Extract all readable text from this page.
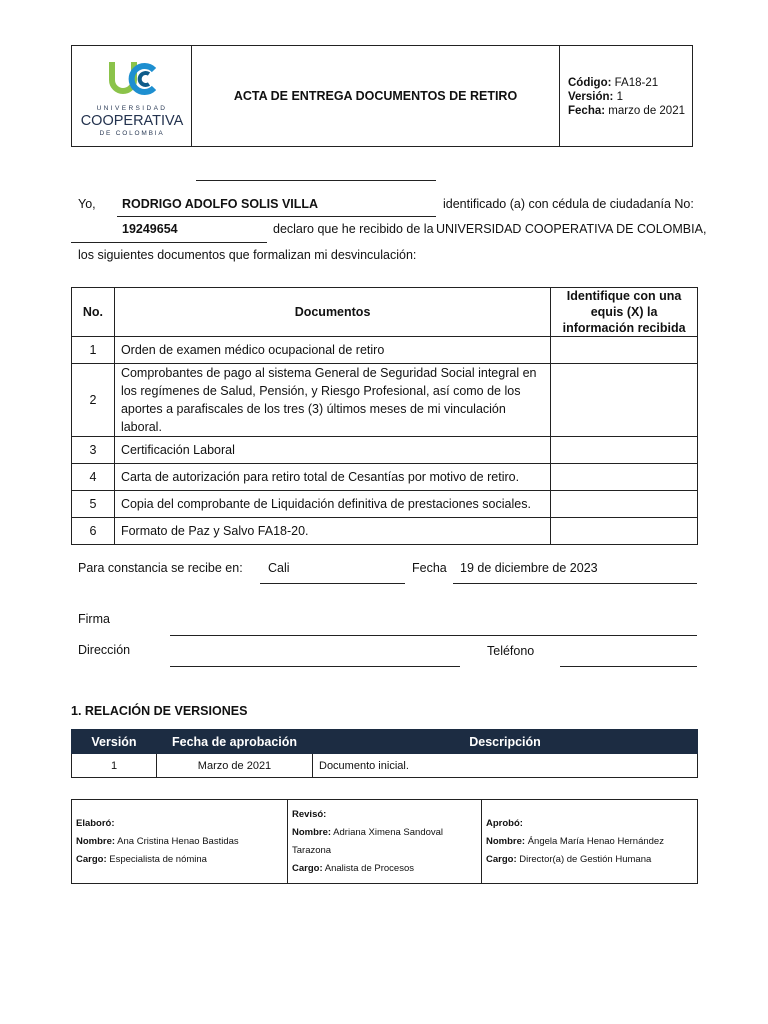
UNIVERSIDAD
COOPERATIVA
DE COLOMBIA
ACTA DE ENTREGA DOCUMENTOS DE RETIRO
Código: FA18-21
Versión: 1
Fecha: marzo de 2021
Yo, RODRIGO ADOLFO SOLIS VILLA	identificado (a) con cédula de ciudadanía No:
19249654	declaro que he recibido de la UNIVERSIDAD COOPERATIVA DE COLOMBIA,
los siguientes documentos que formalizan mi desvinculación:
No.	Documentos	Identifique con una equis (X) la información recibida
1	Orden de examen médico ocupacional de retiro	
2	Comprobantes de pago al sistema General de Seguridad Social integral en los regímenes de Salud, Pensión, y Riesgo Profesional, así como de los aportes a parafiscales de los tres (3) últimos meses de mi vinculación laboral.	
3	Certificación Laboral	
4	Carta de autorización para retiro total de Cesantías por motivo de retiro.	
5	Copia del comprobante de Liquidación definitiva de prestaciones sociales.	
6	Formato de Paz y Salvo FA18-20.	
Para constancia se recibe en: Cali	Fecha 19 de diciembre de 2023
Firma
Dirección	Teléfono
1. RELACIÓN DE VERSIONES
Versión	Fecha de aprobación	Descripción
1	Marzo de 2021	Documento inicial.
Elaboró:
Nombre: Ana Cristina Henao Bastidas
Cargo: Especialista de nómina

Revisó:
Nombre: Adriana Ximena Sandoval Tarazona
Cargo: Analista de Procesos

Aprobó:
Nombre: Ángela María Henao Hernández
Cargo: Director(a) de Gestión Humana
